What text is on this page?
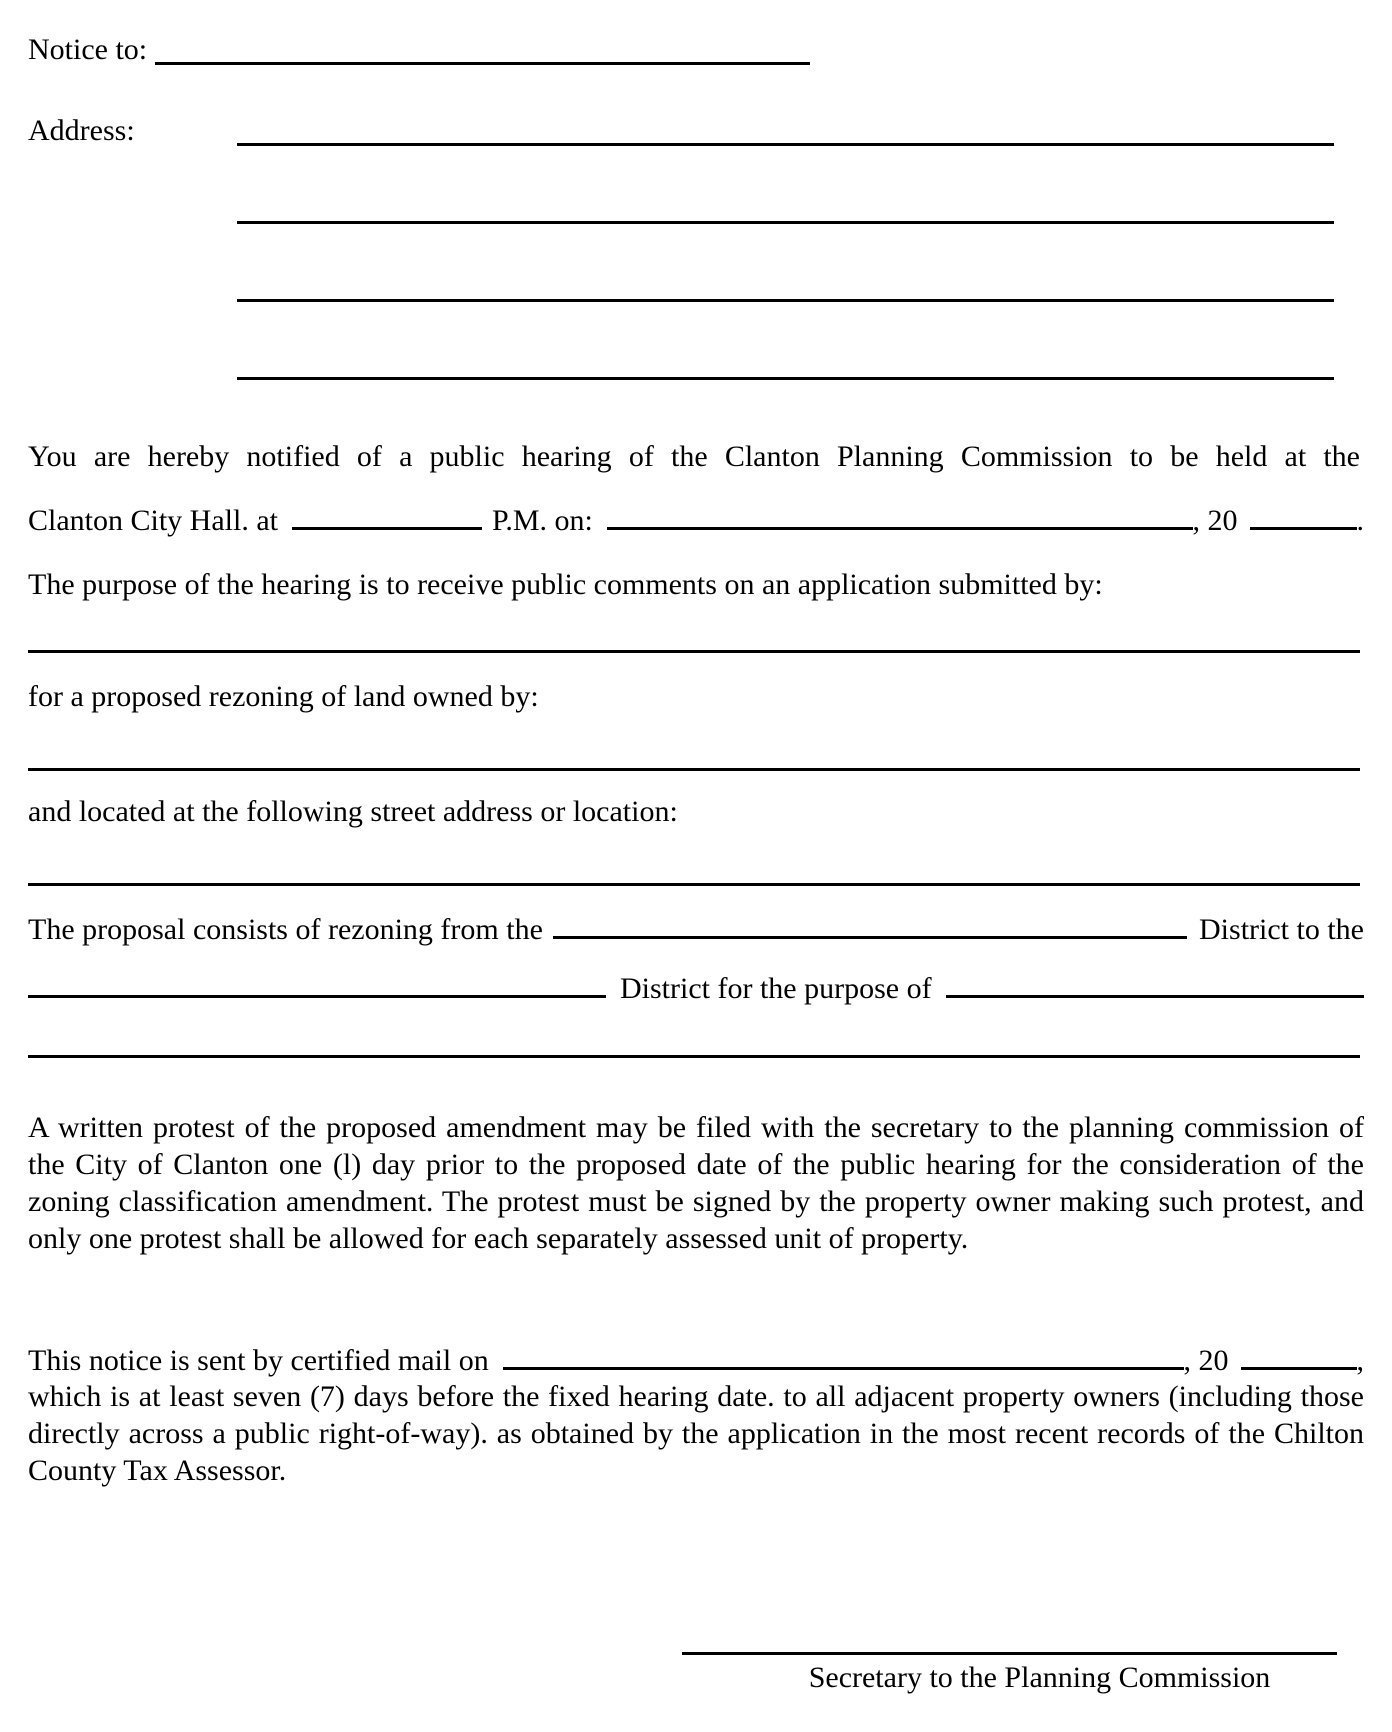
Notice to:
Address:
You are hereby notified of a public hearing of the Clanton Planning Commission to be held at the
Clanton City Hall. at	P.M. on:	, 20	.
The purpose of the hearing is to receive public comments on an application submitted by:
for a proposed rezoning of land owned by:
and located at the following street address or location:
The proposal consists of rezoning from the	District to the
District for the purpose of
A written protest of the proposed amendment may be filed with the secretary to the planning commission of the City of Clanton one (l) day prior to the proposed date of the public hearing for the consideration of the zoning classification amendment. The protest must be signed by the property owner making such protest, and only one protest shall be allowed for each separately assessed unit of property.
This notice is sent by certified mail on	, 20	,
which is at least seven (7) days before the fixed hearing date. to all adjacent property owners (including those directly across a public right-of-way). as obtained by the application in the most recent records of the Chilton County Tax Assessor.
Secretary to the Planning Commission
